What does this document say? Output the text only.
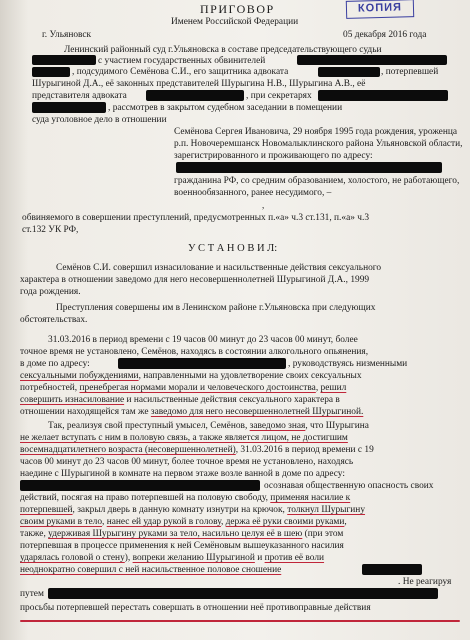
КОПИЯ
ПРИГОВОР
Именем Российской Федерации
г. Ульяновск	05 декабря 2016 года
Ленинский районный суд г.Ульяновска в составе председательствующего судьи
с участием государственных обвинителей
, подсудимого Семёнова С.И., его защитника адвоката	, потерпевшей
Шурыгиной Д.А., её законных представителей Шурыгина Н.В., Шурыгина А.В., её
представителя адвоката	, при секретарях
, рассмотрев в закрытом судебном заседании в помещении
суда уголовное дело в отношении
Семёнова Сергея Ивановича, 29 ноября 1995 года рождения, уроженца
р.п. Новочеремшанск Новомалыклинского района Ульяновской области,
зарегистрированного и проживающего по адресу:
гражданина РФ, со средним образованием, холостого, не работающего,
военнообязанного, ранее несудимого, –
,
обвиняемого в совершении преступлений, предусмотренных п.«а» ч.3 ст.131, п.«а» ч.3
ст.132 УК РФ,
У С Т А Н О В И Л:
Семёнов С.И. совершил изнасилование и насильственные действия сексуального
характера в отношении заведомо для него несовершеннолетней Шурыгиной Д.А., 1999
года рождения.
Преступления совершены им в Ленинском районе г.Ульяновска при следующих
обстоятельствах.
31.03.2016 в период времени с 19 часов 00 минут до 23 часов 00 минут, более
точное время не установлено, Семёнов, находясь в состоянии алкогольного опьянения,
в доме по адресу:	, руководствуясь низменными
сексуальными побуждениями, направленными на удовлетворение своих сексуальных
потребностей, пренебрегая нормами морали и человеческого достоинства, решил
совершить изнасилование и насильственные действия сексуального характера в
отношении находящейся там же заведомо для него несовершеннолетней Шурыгиной.
Так, реализуя свой преступный умысел, Семёнов, заведомо зная, что Шурыгина
не желает вступать с ним в половую связь, а также является лицом, не достигшим
восемнадцатилетнего возраста (несовершеннолетней), 31.03.2016 в период времени с 19
часов 00 минут до 23 часов 00 минут, более точное время не установлено, находясь
наедине с Шурыгиной в комнате на первом этаже возле ванной в доме по адресу:
осознавая общественную опасность своих
действий, посягая на право потерпевшей на половую свободу, применяя насилие к
потерпевшей, закрыл дверь в данную комнату изнутри на крючок, толкнул Шурыгину
своим руками в тело, нанес ей удар рукой в голову, держа её руки своими руками,
также, удерживая Шурыгину руками за тело, насильно целуя её в шею (при этом
потерпевшая в процессе применения к ней Семёновым вышеуказанного насилия
ударялась головой о стену), вопреки желанию Шурыгиной и против её воли
неоднократно совершил с ней насильственное половое сношение
. Не реагируя
путем
просьбы потерпевшей перестать совершать в отношении неё противоправные действия
